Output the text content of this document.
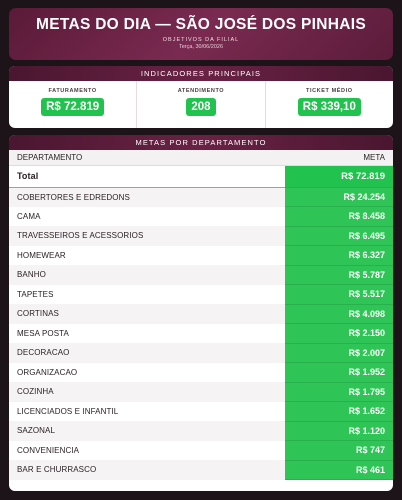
METAS DO DIA — SÃO JOSÉ DOS PINHAIS
OBJETIVOS DA FILIAL
Terça, 30/06/2026
INDICADORES PRINCIPAIS
FATURAMENTO
R$ 72.819
ATENDIMENTO
208
TICKET MÉDIO
R$ 339,10
METAS POR DEPARTAMENTO
DEPARTAMENTO	META
Total	R$ 72.819
COBERTORES E EDREDONS	R$ 24.254
CAMA	R$ 8.458
TRAVESSEIROS E ACESSORIOS	R$ 6.495
HOMEWEAR	R$ 6.327
BANHO	R$ 5.787
TAPETES	R$ 5.517
CORTINAS	R$ 4.098
MESA POSTA	R$ 2.150
DECORACAO	R$ 2.007
ORGANIZACAO	R$ 1.952
COZINHA	R$ 1.795
LICENCIADOS E INFANTIL	R$ 1.652
SAZONAL	R$ 1.120
CONVENIENCIA	R$ 747
BAR E CHURRASCO	R$ 461
